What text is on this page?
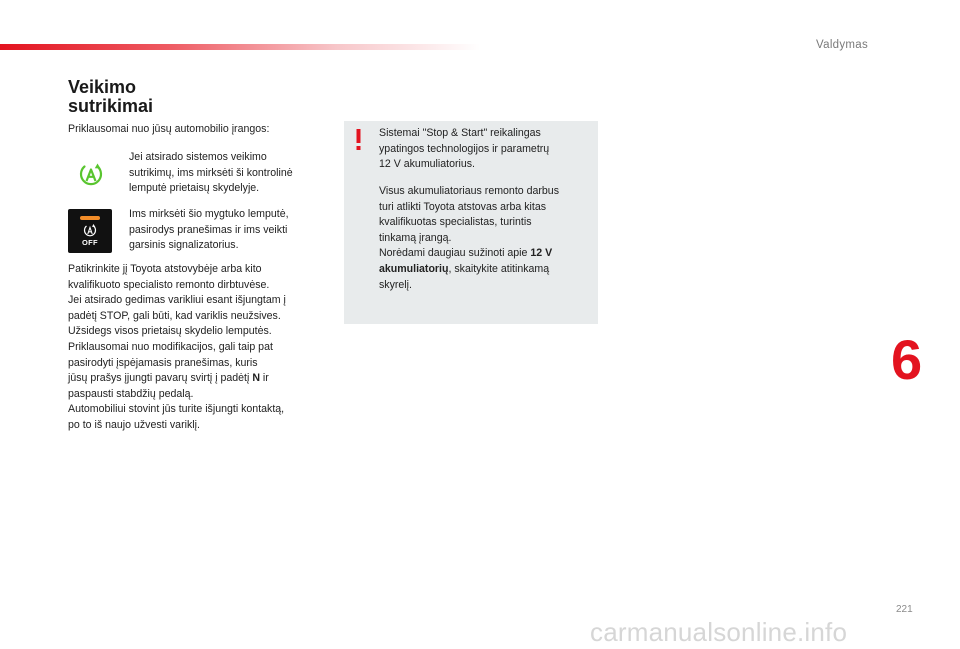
Valdymas
Veikimo
sutrikimai

Priklausomai nuo jūsų automobilio įrangos:

Jei atsirado sistemos veikimo
sutrikimų, ims mirksėti ši kontrolinė
lemputė prietaisų skydelyje.

OFF

Ims mirksėti šio mygtuko lemputė,
pasirodys pranešimas ir ims veikti
garsinis signalizatorius.

Patikrinkite jį Toyota atstovybėje arba kito
kvalifikuoto specialisto remonto dirbtuvėse.
Jei atsirado gedimas varikliui esant išjungtam į
padėtį STOP, gali būti, kad variklis neužsives.
Užsidegs visos prietaisų skydelio lemputės.
Priklausomai nuo modifikacijos, gali taip pat
pasirodyti įspėjamasis pranešimas, kuris
jūsų prašys įjungti pavarų svirtį į padėtį N ir
paspausti stabdžių pedalą.
Automobiliui stovint jūs turite išjungti kontaktą,
po to iš naujo užvesti variklį.

Sistemai "Stop & Start" reikalingas
ypatingos technologijos ir parametrų
12 V akumuliatorius.

Visus akumuliatoriaus remonto darbus
turi atlikti Toyota atstovas arba kitas
kvalifikuotas specialistas, turintis
tinkamą įrangą.
Norėdami daugiau sužinoti apie 12 V
akumuliatorių, skaitykite atitinkamą
skyrelį.

6
221
carmanualsonline.info
